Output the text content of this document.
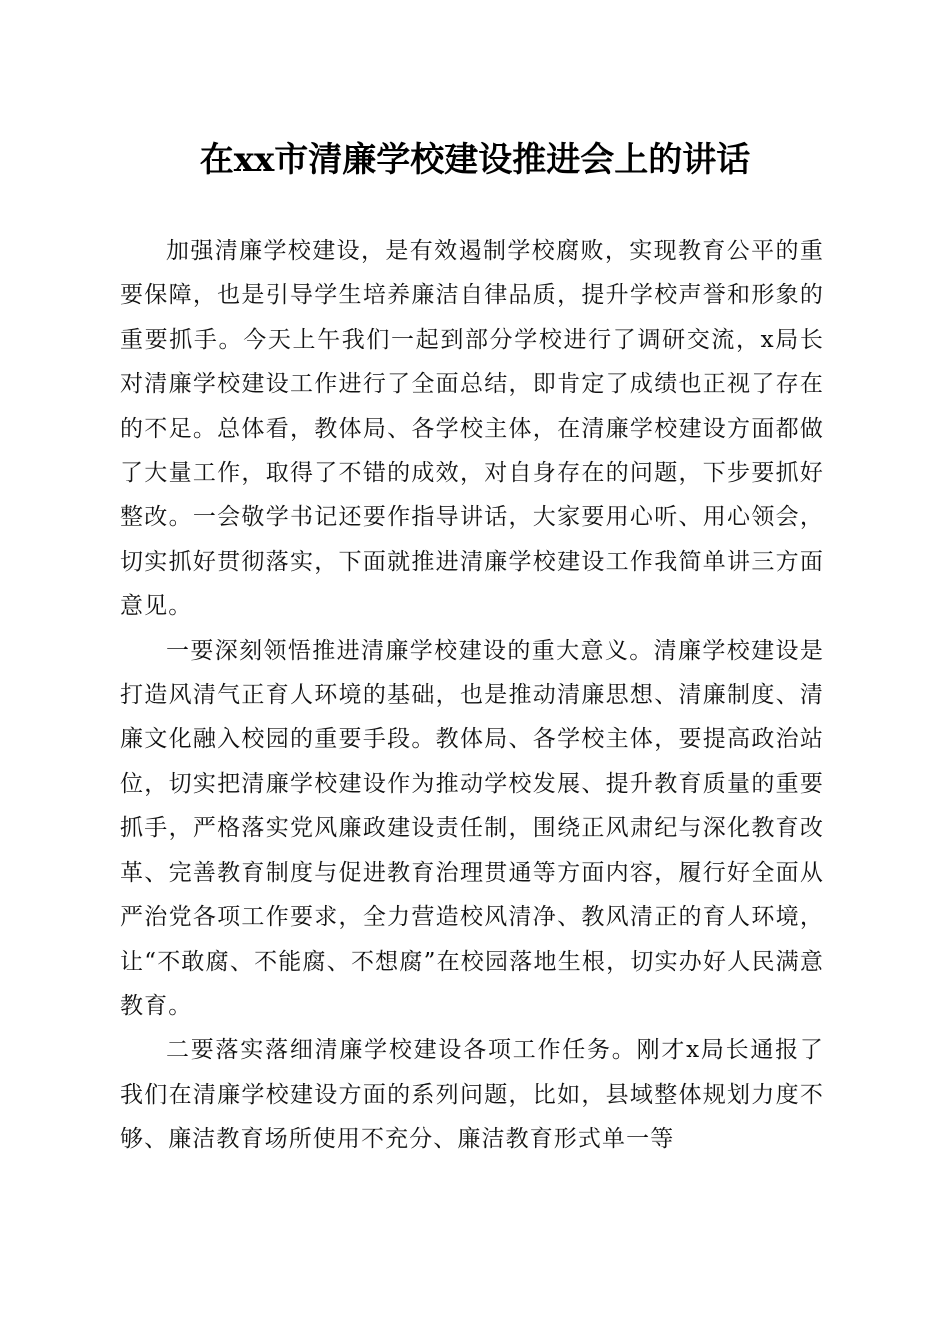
在xx市清廉学校建设推进会上的讲话

加强清廉学校建设，是有效遏制学校腐败，实现教育公平的重要保障，也是引导学生培养廉洁自律品质，提升学校声誉和形象的重要抓手。今天上午我们一起到部分学校进行了调研交流，x局长对清廉学校建设工作进行了全面总结，即肯定了成绩也正视了存在的不足。总体看，教体局、各学校主体，在清廉学校建设方面都做了大量工作，取得了不错的成效，对自身存在的问题，下步要抓好整改。一会敬学书记还要作指导讲话，大家要用心听、用心领会，切实抓好贯彻落实，下面就推进清廉学校建设工作我简单讲三方面意见。

一要深刻领悟推进清廉学校建设的重大意义。清廉学校建设是打造风清气正育人环境的基础，也是推动清廉思想、清廉制度、清廉文化融入校园的重要手段。教体局、各学校主体，要提高政治站位，切实把清廉学校建设作为推动学校发展、提升教育质量的重要抓手，严格落实党风廉政建设责任制，围绕正风肃纪与深化教育改革、完善教育制度与促进教育治理贯通等方面内容，履行好全面从严治党各项工作要求，全力营造校风清净、教风清正的育人环境，让“不敢腐、不能腐、不想腐”在校园落地生根，切实办好人民满意教育。

二要落实落细清廉学校建设各项工作任务。刚才x局长通报了我们在清廉学校建设方面的系列问题，比如，县域整体规划力度不够、廉洁教育场所使用不充分、廉洁教育形式单一等
